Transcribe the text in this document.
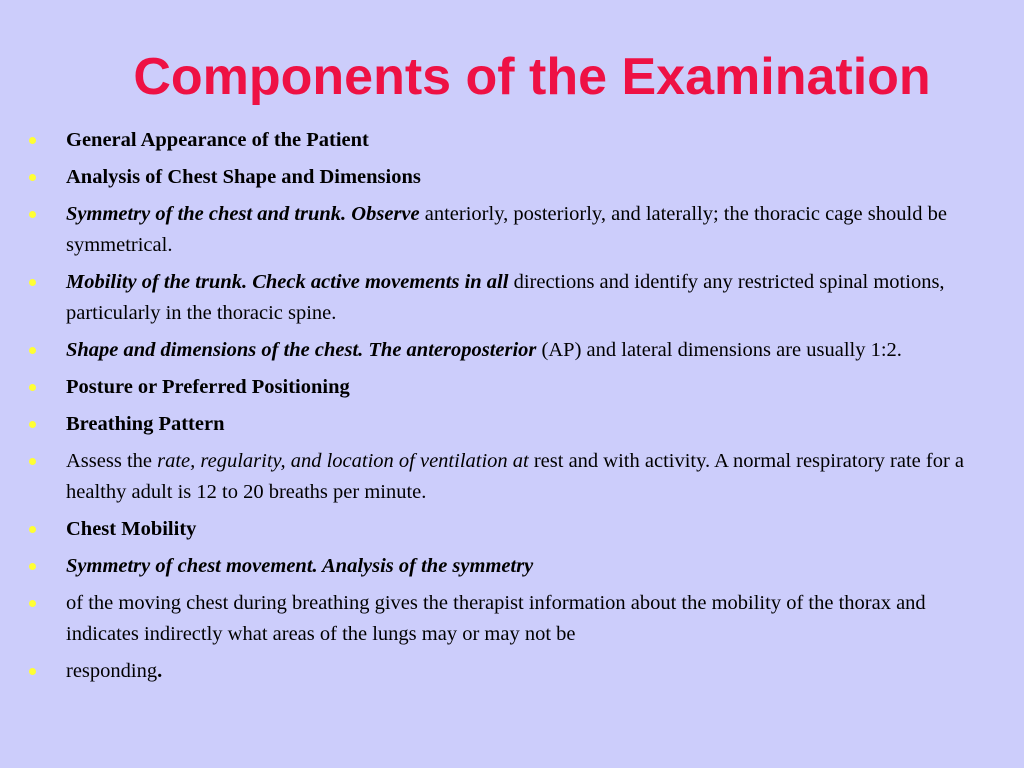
Components of the Examination
General Appearance of the Patient
Analysis of Chest Shape and Dimensions
Symmetry of the chest and trunk. Observe anteriorly, posteriorly, and laterally; the thoracic cage should be symmetrical.
Mobility of the trunk. Check active movements in all directions and identify any restricted spinal motions, particularly in the thoracic spine.
Shape and dimensions of the chest. The anteroposterior (AP) and lateral dimensions are usually 1:2.
Posture or Preferred Positioning
Breathing Pattern
Assess the rate, regularity, and location of ventilation at rest and with activity. A normal respiratory rate for a healthy adult is 12 to 20 breaths per minute.
Chest Mobility
Symmetry of chest movement. Analysis of the symmetry
of the moving chest during breathing gives the therapist information about the mobility of the thorax and indicates indirectly what areas of the lungs may or may not be
responding.
